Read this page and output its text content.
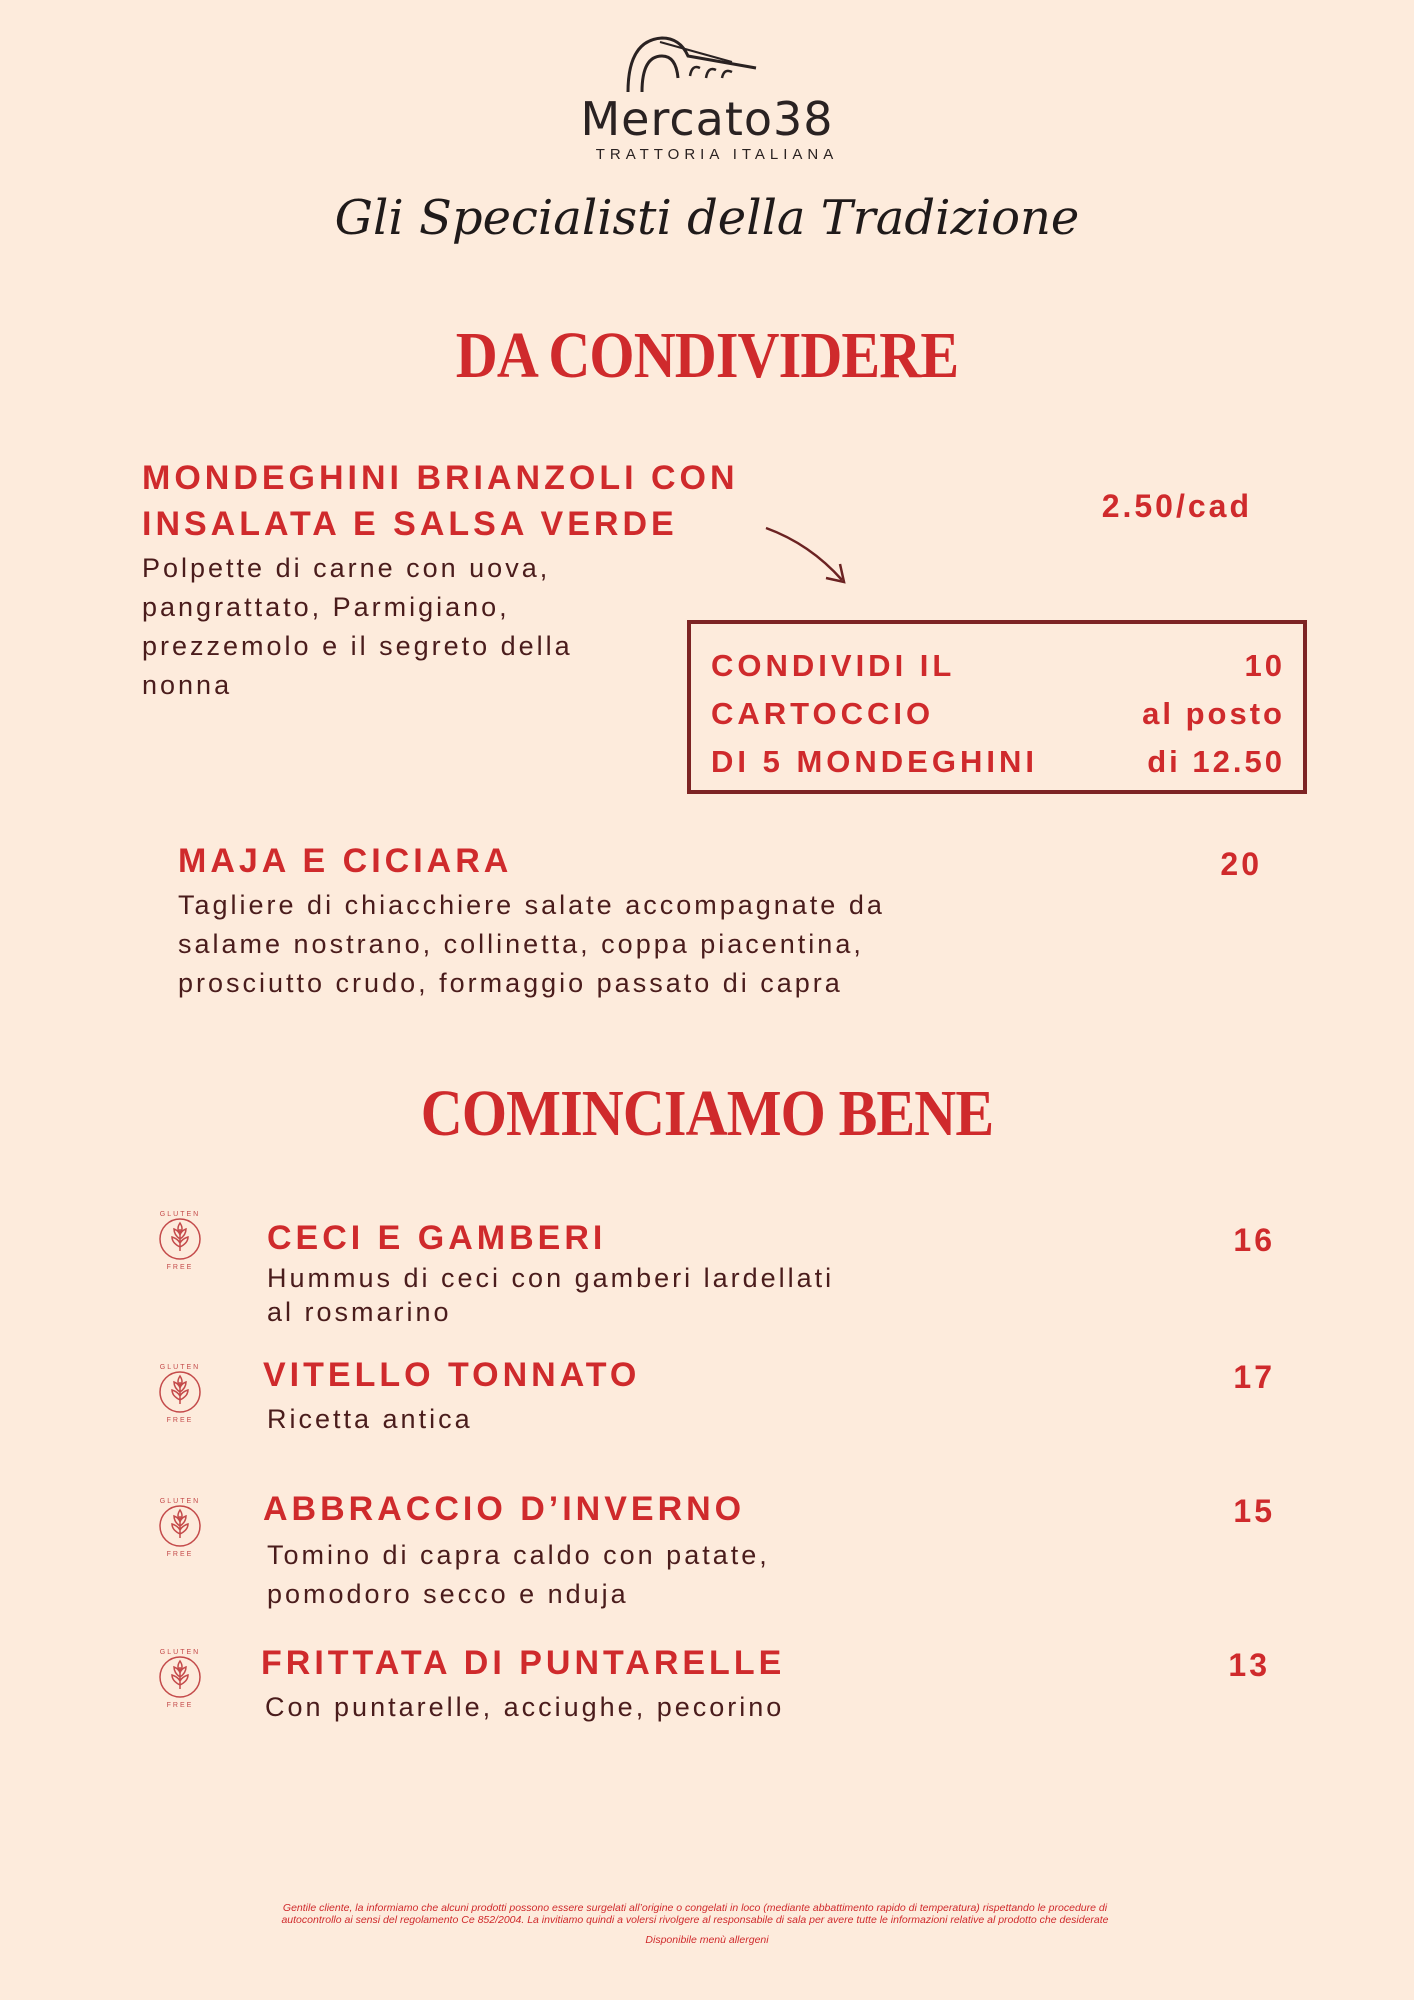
Mercato38
TRATTORIA ITALIANA
Gli Specialisti della Tradizione
DA CONDIVIDERE
MONDEGHINI BRIANZOLI CON
INSALATA E SALSA VERDE
Polpette di carne con uova,
pangrattato, Parmigiano,
prezzemolo e il segreto della
nonna
2.50/cad
CONDIVIDI IL
CARTOCCIO
DI 5 MONDEGHINI
10
al posto
di 12.50
MAJA E CICIARA
Tagliere di chiacchiere salate accompagnate da
salame nostrano, collinetta, coppa piacentina,
prosciutto crudo, formaggio passato di capra
20
COMINCIAMO BENE
GLUTEN
FREE
CECI E GAMBERI
Hummus di ceci con gamberi lardellati
al rosmarino
16
GLUTEN
FREE
VITELLO TONNATO
Ricetta antica
17
GLUTEN
FREE
ABBRACCIO D’INVERNO
Tomino di capra caldo con patate,
pomodoro secco e nduja
15
GLUTEN
FREE
FRITTATA DI PUNTARELLE
Con puntarelle, acciughe, pecorino
13
Gentile cliente, la informiamo che alcuni prodotti possono essere surgelati all’origine o congelati in loco (mediante abbattimento rapido di temperatura) rispettando le procedure di
autocontrollo ai sensi del regolamento Ce 852/2004. La invitiamo quindi a volersi rivolgere al responsabile di sala per avere tutte le informazioni relative al prodotto che desiderate
Disponibile menù allergeni
